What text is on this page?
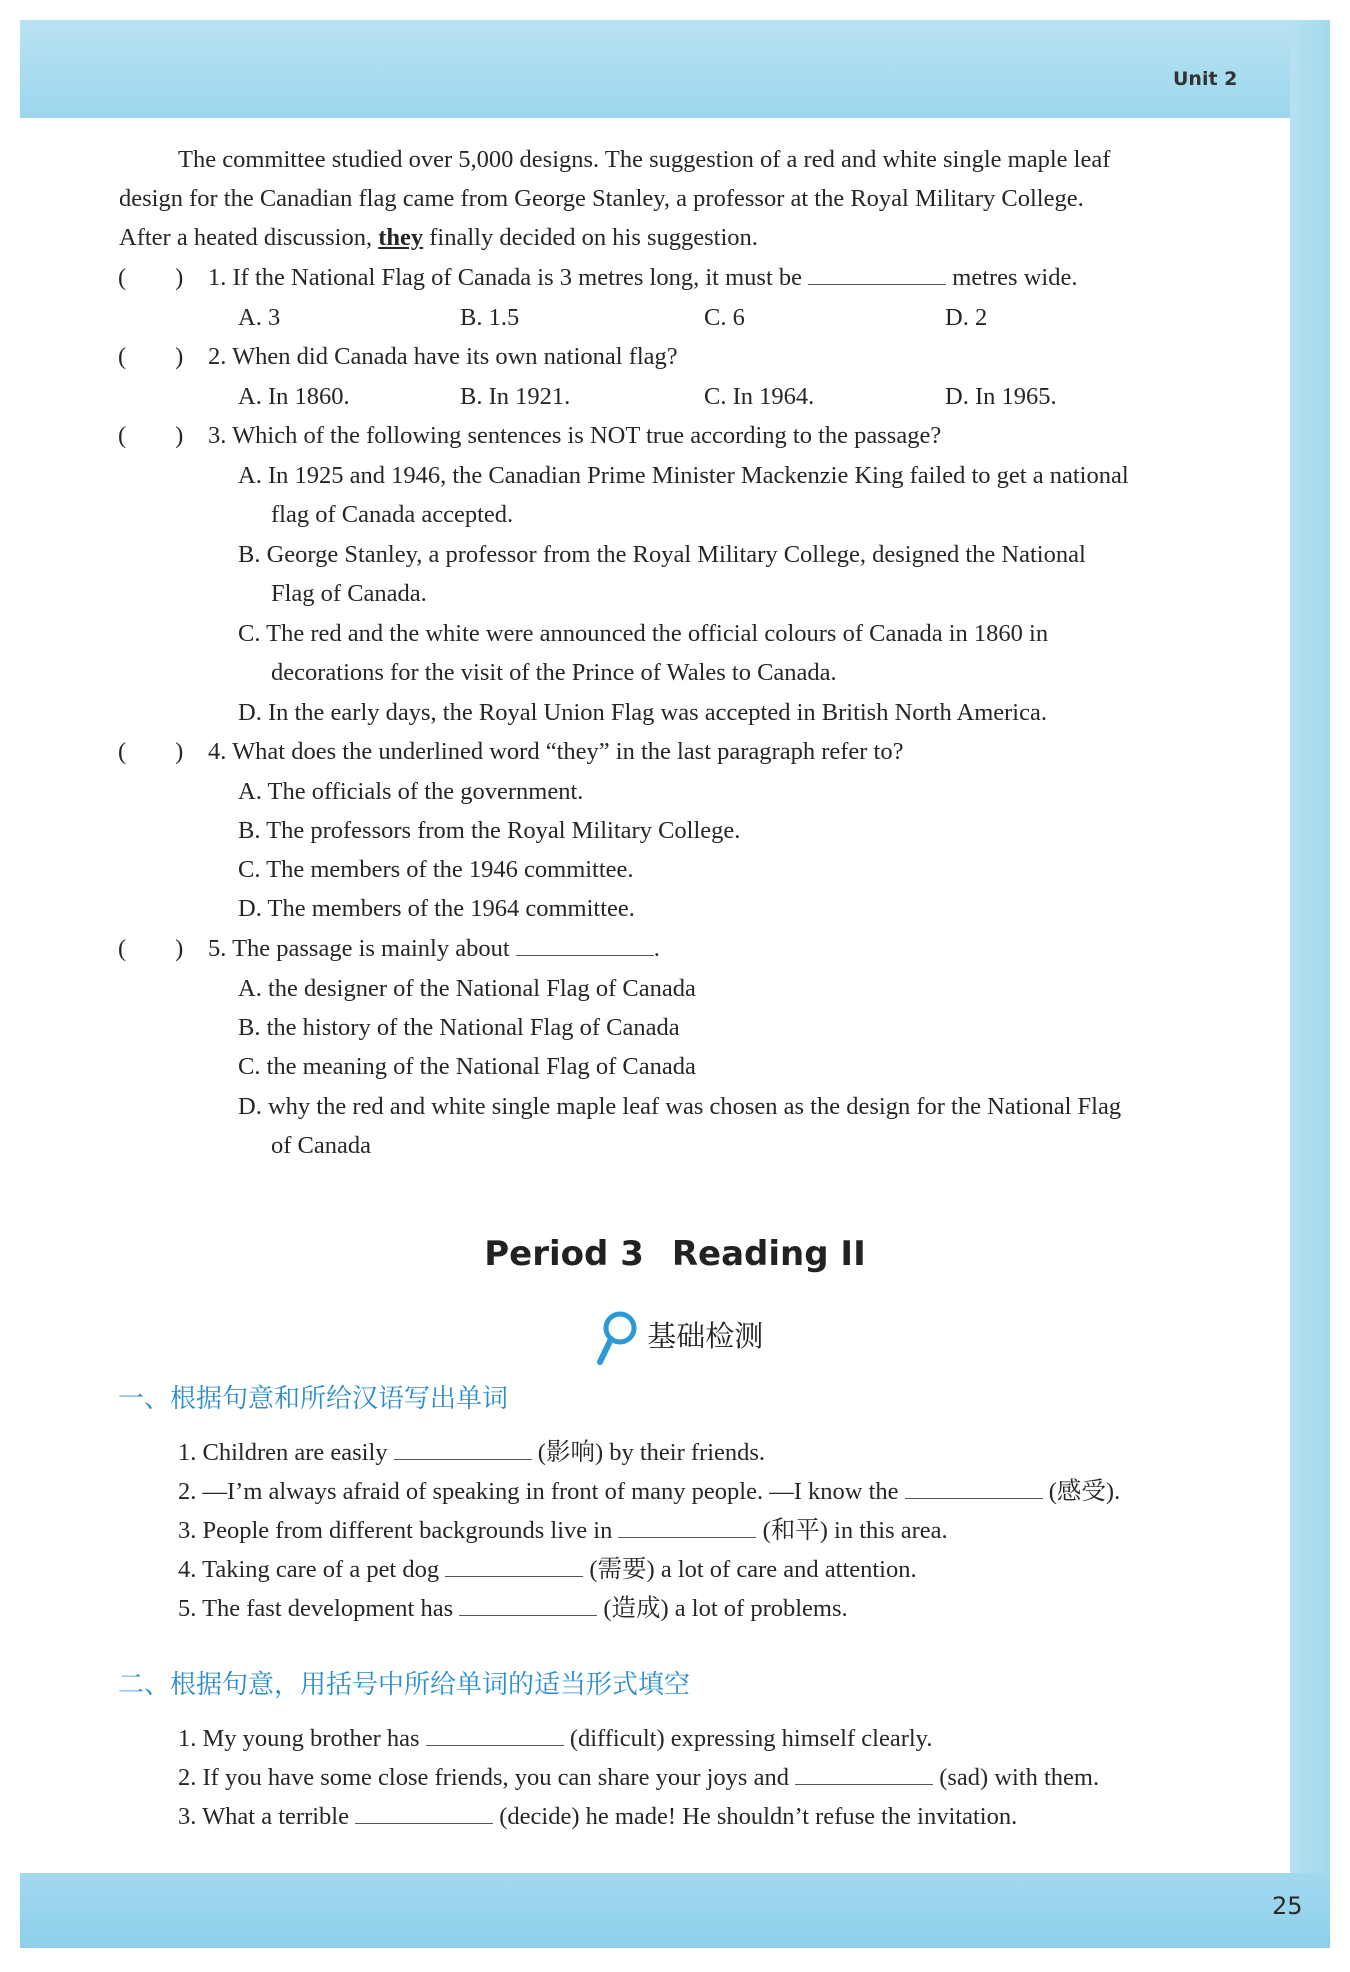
Unit 2
25
The committee studied over 5,000 designs. The suggestion of a red and white single maple leaf
design for the Canadian flag came from George Stanley, a professor at the Royal Military College.
After a heated discussion, they finally decided on his suggestion.
(        ) 1. If the National Flag of Canada is 3 metres long, it must be	metres wide.
A. 3	B. 1.5	C. 6	D. 2
(        ) 2. When did Canada have its own national flag?
A. In 1860.	B. In 1921.	C. In 1964.	D. In 1965.
(        ) 3. Which of the following sentences is NOT true according to the passage?
A. In 1925 and 1946, the Canadian Prime Minister Mackenzie King failed to get a national
flag of Canada accepted.
B. George Stanley, a professor from the Royal Military College, designed the National
Flag of Canada.
C. The red and the white were announced the official colours of Canada in 1860 in
decorations for the visit of the Prince of Wales to Canada.
D. In the early days, the Royal Union Flag was accepted in British North America.
(        ) 4. What does the underlined word “they” in the last paragraph refer to?
A. The officials of the government.
B. The professors from the Royal Military College.
C. The members of the 1946 committee.
D. The members of the 1964 committee.
(        ) 5. The passage is mainly about	.
A. the designer of the National Flag of Canada
B. the history of the National Flag of Canada
C. the meaning of the National Flag of Canada
D. why the red and white single maple leaf was chosen as the design for the National Flag
of Canada
Period 3 Reading II
基础检测
一、根据句意和所给汉语写出单词
1. Children are easily	(影响) by their friends.
2. —I’m always afraid of speaking in front of many people. —I know the	(感受).
3. People from different backgrounds live in	(和平) in this area.
4. Taking care of a pet dog	(需要) a lot of care and attention.
5. The fast development has	(造成) a lot of problems.
二、根据句意，用括号中所给单词的适当形式填空
1. My young brother has	(difficult) expressing himself clearly.
2. If you have some close friends, you can share your joys and	(sad) with them.
3. What a terrible	(decide) he made! He shouldn’t refuse the invitation.
